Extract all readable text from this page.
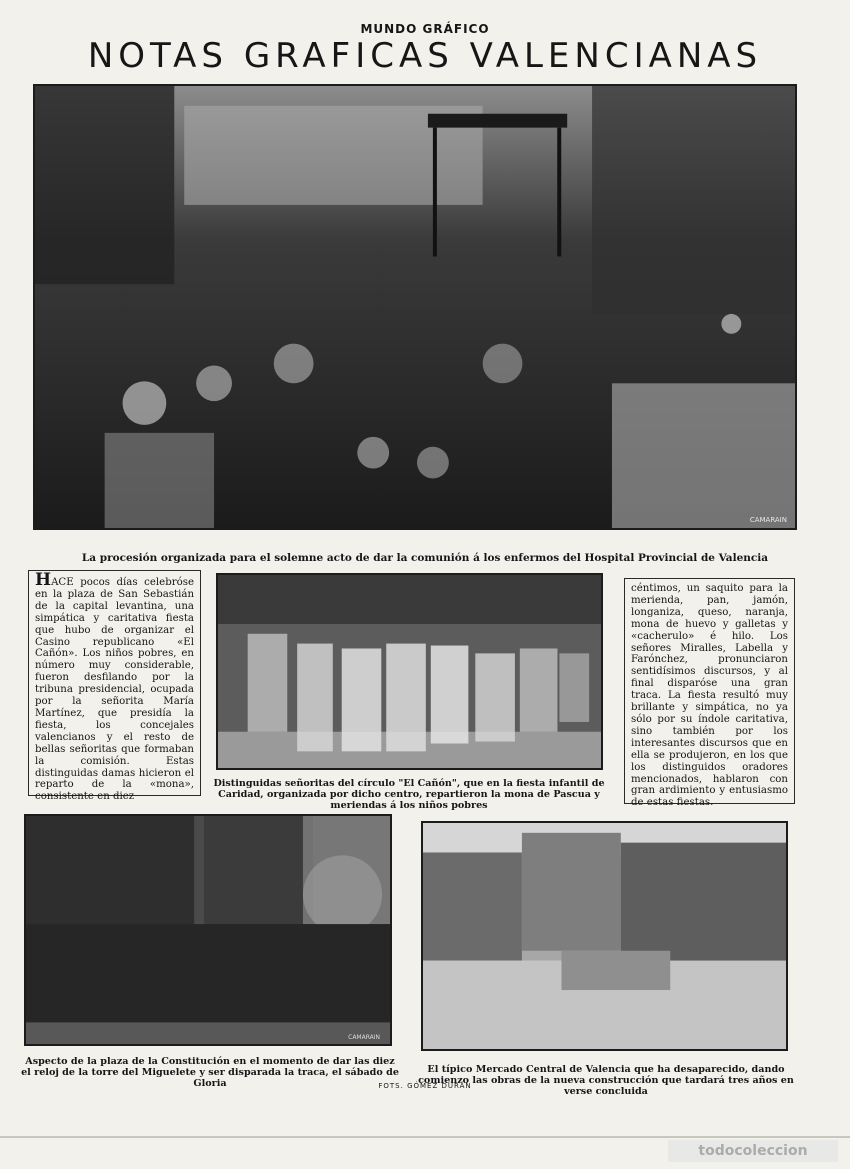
MUNDO GRÁFICO
NOTAS GRAFICAS VALENCIANAS
CAMARAIN
La procesión organizada para el solemne acto de dar la comunión á los enfermos del Hospital Provincial de Valencia
HACE pocos días celebróse en la plaza de San Sebastián de la capital levantina, una simpática y caritativa fiesta que hubo de organizar el Casino republicano «El Cañón». Los niños pobres, en número muy considerable, fueron desfilando por la tribuna presidencial, ocupada por la señorita María Martínez, que presidía la fiesta, los concejales valencianos y el resto de bellas señoritas que formaban la comisión. Estas distinguidas damas hicieron el reparto de la «mona», consistente en diez
Distinguidas señoritas del círculo "El Cañón", que en la fiesta infantil de Caridad, organizada por dicho centro, repartieron la mona de Pascua y meriendas á los niños pobres
céntimos, un saquito para la merienda, pan, jamón, longaniza, queso, naranja, mona de huevo y galletas y «cacherulo» é hilo. Los señores Miralles, Labella y Farónchez, pronunciaron sentidísimos discursos, y al final disparóse una gran traca. La fiesta resultó muy brillante y simpática, no ya sólo por su índole caritativa, sino también por los interesantes discursos que en ella se produjeron, en los que los distinguidos oradores mencionados, hablaron con gran ardimiento y entusiasmo de estas fiestas.
CAMARAIN
Aspecto de la plaza de la Constitución en el momento de dar las diez el reloj de la torre del Miguelete y ser disparada la traca, el sábado de Gloria
El típico Mercado Central de Valencia que ha desaparecido, dando comienzo las obras de la nueva construcción que tardará tres años en verse concluida
FOTS. GÓMEZ DURÁN
todocoleccion
